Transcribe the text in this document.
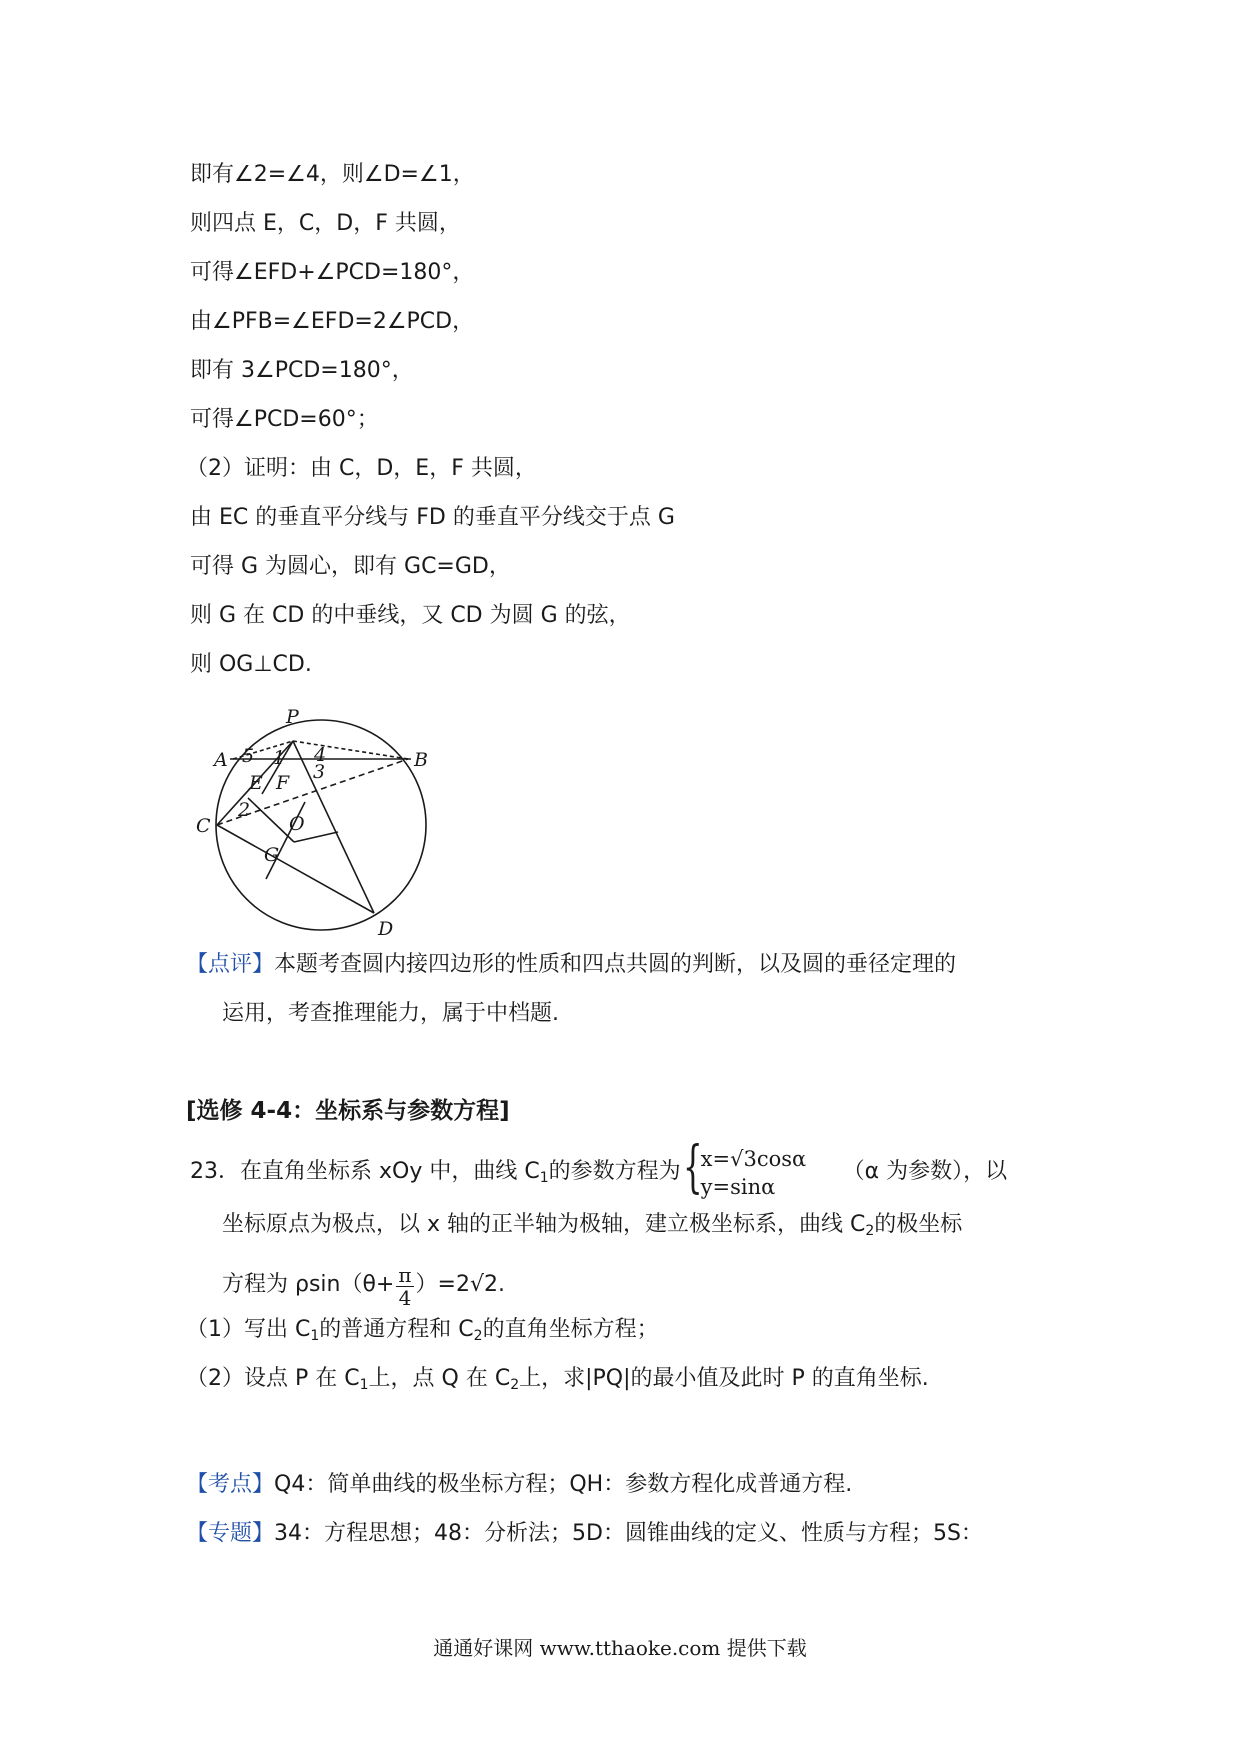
即有∠2=∠4，则∠D=∠1，
则四点 E，C，D，F 共圆，
可得∠EFD+∠PCD=180°，
由∠PFB=∠EFD=2∠PCD，
即有 3∠PCD=180°，
可得∠PCD=60°；
（2）证明：由 C，D，E，F 共圆，
由 EC 的垂直平分线与 FD 的垂直平分线交于点 G
可得 G 为圆心，即有 GC=GD，
则 G 在 CD 的中垂线，又 CD 为圆 G 的弦，
则 OG⊥CD.
P
A	B
C
D
E F
O
G
1
2
3
4
5
【点评】本题考查圆内接四边形的性质和四点共圆的判断，以及圆的垂径定理的
运用，考查推理能力，属于中档题.
[选修 4-4：坐标系与参数方程]
23．在直角坐标系 xOy 中，曲线 $C_1$的参数方程为 {
x=√3cosα
y=sinα
（α 为参数），以
坐标原点为极点，以 x 轴的正半轴为极轴，建立极坐标系，曲线 $C_2$的极坐标
方程为 $\rho\sin(\theta+ \frac{\pi}{4} )=2√2$.
（1）写出 $C_1$的普通方程和 $C_2$的直角坐标方程；
（2）设点 P 在 $C_1$上，点 Q 在 $C_2$上，求|PQ|的最小值及此时 P 的直角坐标.
【考点】Q4：简单曲线的极坐标方程；QH：参数方程化成普通方程.
【专题】34：方程思想；48：分析法；5D：圆锥曲线的定义、性质与方程；5S：
通通好课网 www.tthaoke.com 提供下载
